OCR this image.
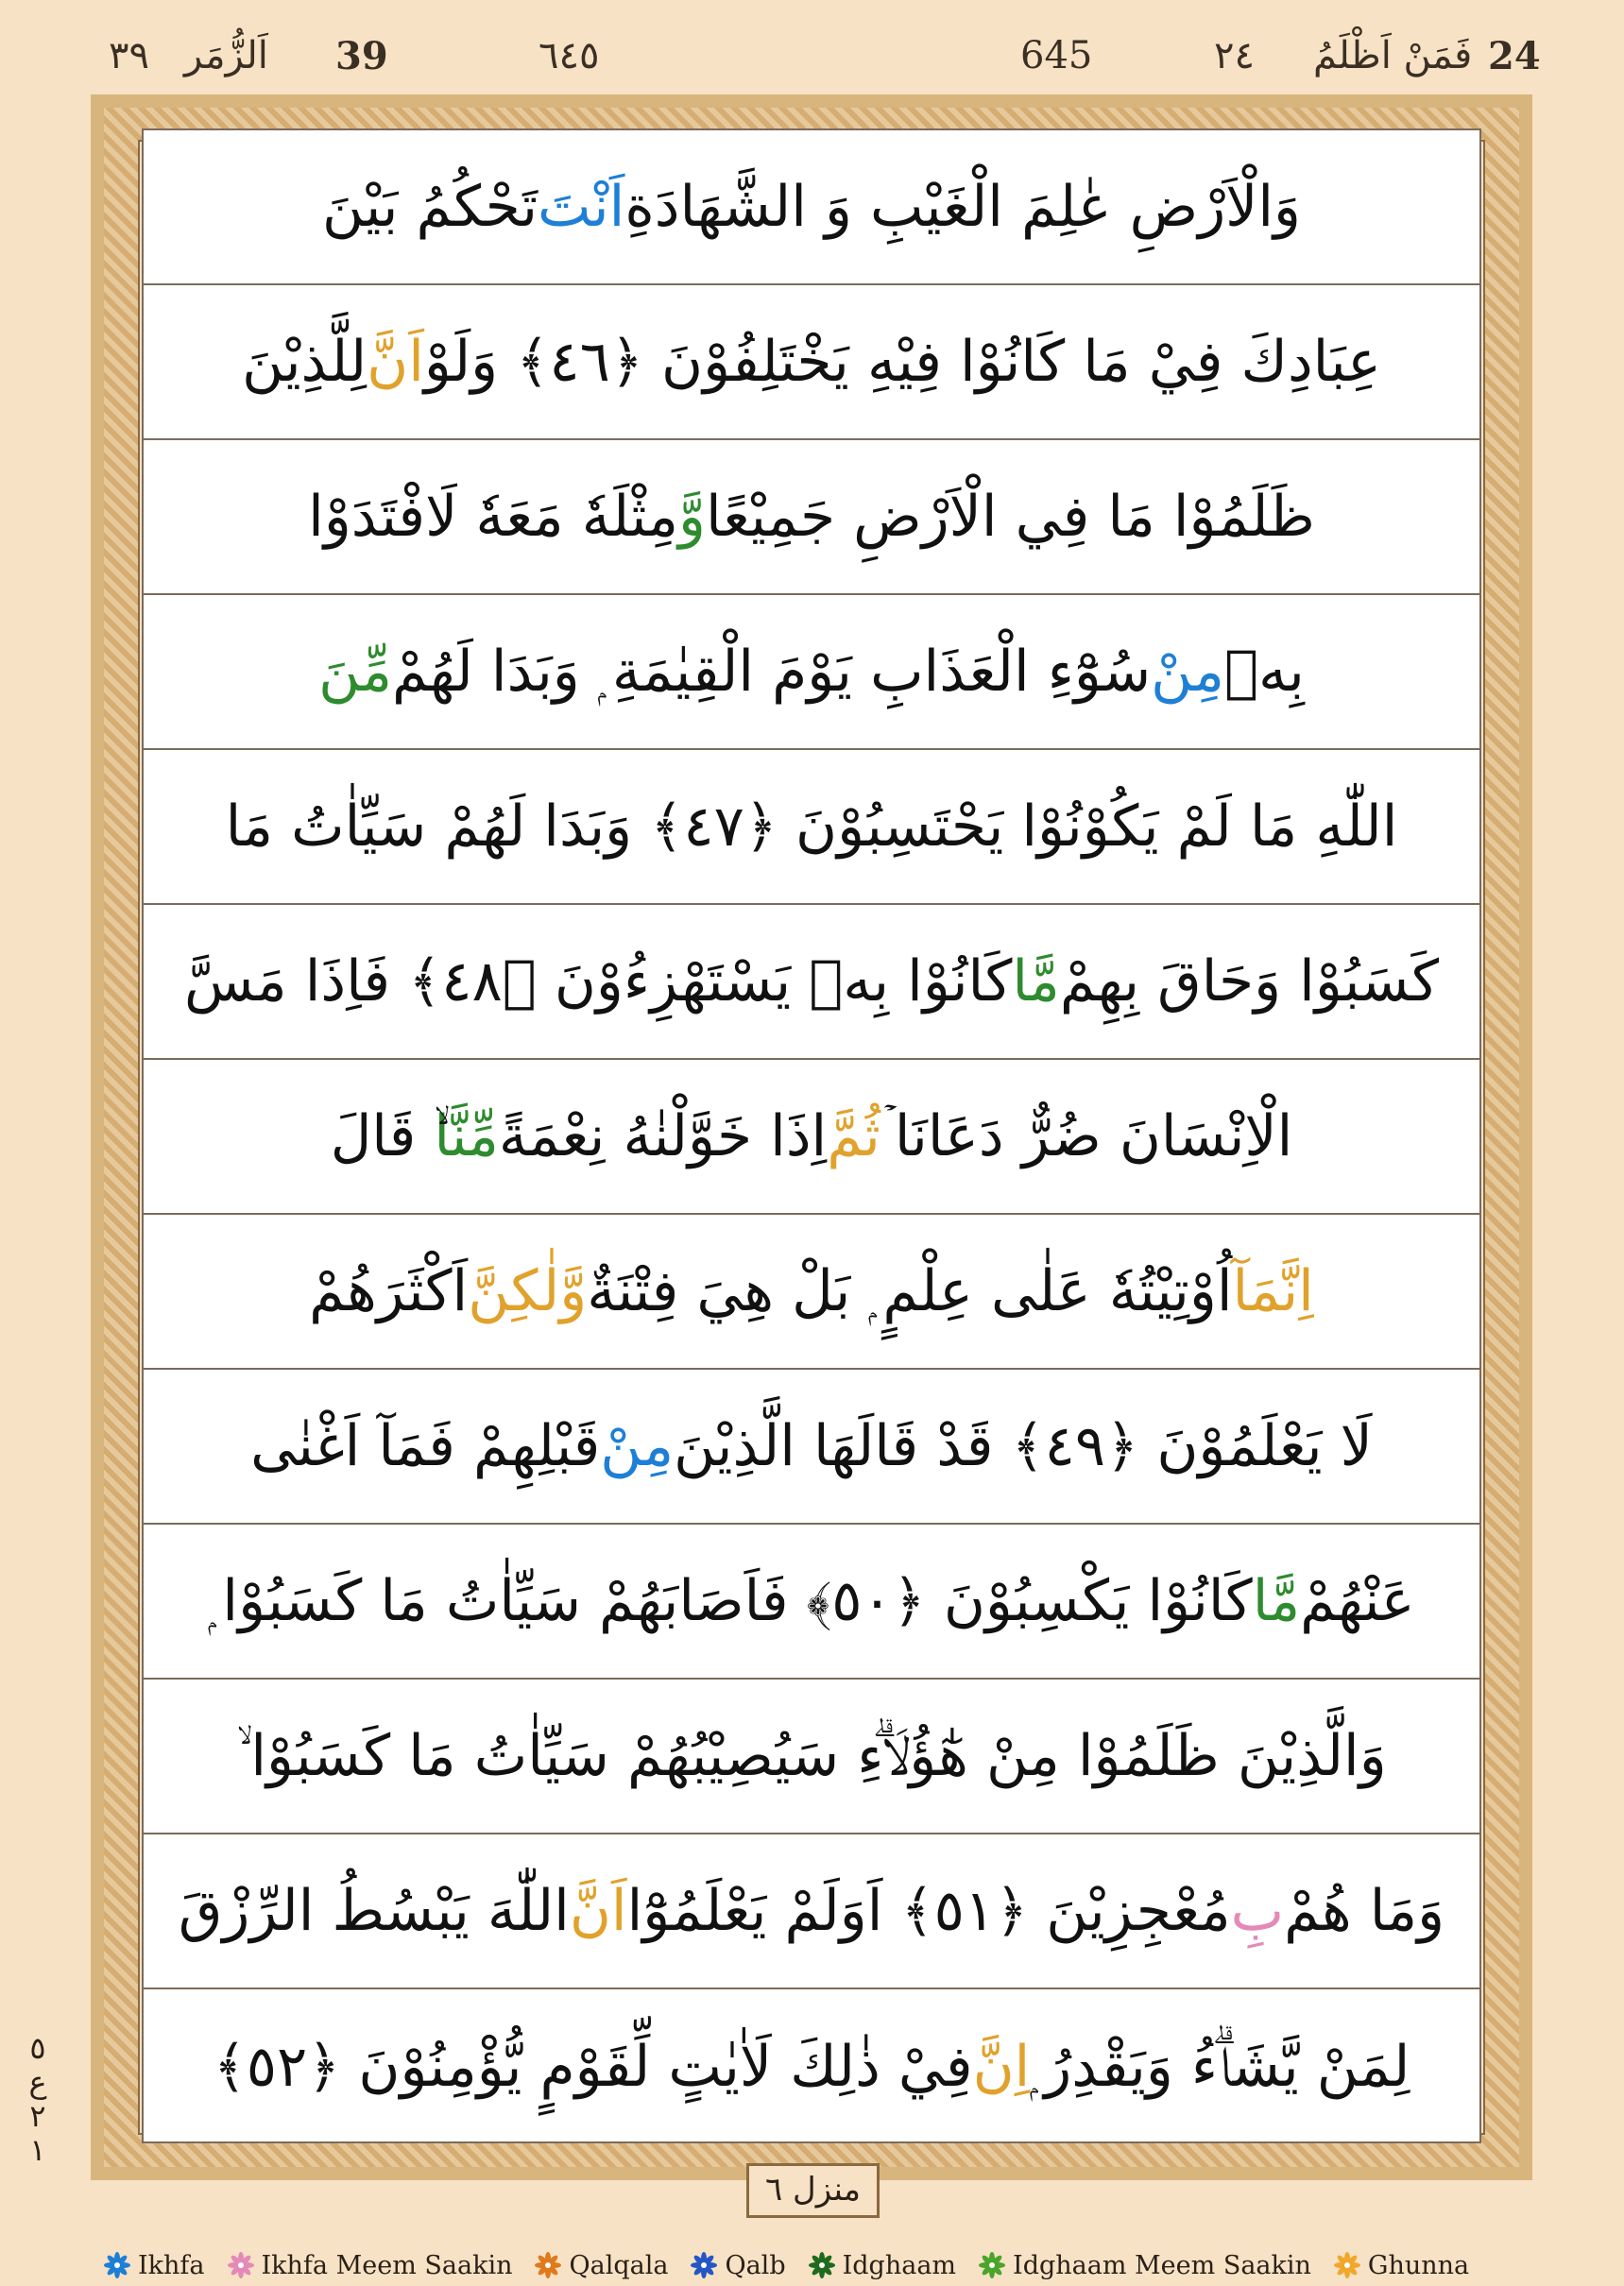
24
فَمَنْ اَظْلَمُ
٢٤
645
٦٤٥
39
اَلزُّمَر
٣٩
وَالْاَرْضِ عٰلِمَ الْغَيْبِ وَ الشَّهَادَةِ
اَنْتَ
تَحْكُمُ بَيْنَ
عِبَادِكَ فِيْ مَا كَانُوْا فِيْهِ يَخْتَلِفُوْنَ ﴿٤٦﴾ وَلَوْ
اَنَّ
لِلَّذِيْنَ
ظَلَمُوْا مَا فِي الْاَرْضِ جَمِيْعًا
وَّ
مِثْلَهٗ مَعَهٗ لَافْتَدَوْا
بِهٖ
مِنْ
سُوْٓءِ الْعَذَابِ يَوْمَ الْقِيٰمَةِ ۭ وَبَدَا لَهُمْ
مِّنَ
اللّٰهِ مَا لَمْ يَكُوْنُوْا يَحْتَسِبُوْنَ ﴿٤٧﴾ وَبَدَا لَهُمْ سَيِّاٰتُ مَا
كَسَبُوْا وَحَاقَ بِهِمْ
مَّا
كَانُوْا بِهٖ يَسْتَهْزِءُوْنَ ﴿٤٨﴾ فَاِذَا مَسَّ
الْاِنْسَانَ ضُرٌّ دَعَانَا ۡ
ثُمَّ
اِذَا خَوَّلْنٰهُ نِعْمَةً
مِّنَّا
ۙ قَالَ
اِنَّمَآ
اُوْتِيْتُهٗ عَلٰى عِلْمٍ ۭ بَلْ هِيَ فِتْنَةٌ
وَّلٰكِنَّ
اَكْثَرَهُمْ
لَا يَعْلَمُوْنَ ﴿٤٩﴾ قَدْ قَالَهَا الَّذِيْنَ
مِنْ
قَبْلِهِمْ فَمَآ اَغْنٰى
عَنْهُمْ
مَّا
كَانُوْا يَكْسِبُوْنَ ﴿٥٠﴾ فَاَصَابَهُمْ سَيِّاٰتُ مَا كَسَبُوْا ۭ
وَالَّذِيْنَ ظَلَمُوْا مِنْ هٰٓؤُلَاۗءِ سَيُصِيْبُهُمْ سَيِّاٰتُ مَا كَسَبُوْا ۙ
وَمَا هُمْ
بِ
مُعْجِزِيْنَ ﴿٥١﴾ اَوَلَمْ يَعْلَمُوْٓا
اَنَّ
اللّٰهَ يَبْسُطُ الرِّزْقَ
لِمَنْ يَّشَاۗءُ وَيَقْدِرُ ۭ
اِنَّ
فِيْ ذٰلِكَ لَاٰيٰتٍ لِّقَوْمٍ يُّؤْمِنُوْنَ ﴿٥٢﴾
٥
ع
٢
١
منزل ٦
Ikhfa Ikhfa Meem Saakin Qalqala Qalb Idghaam Idghaam Meem Saakin Ghunna
